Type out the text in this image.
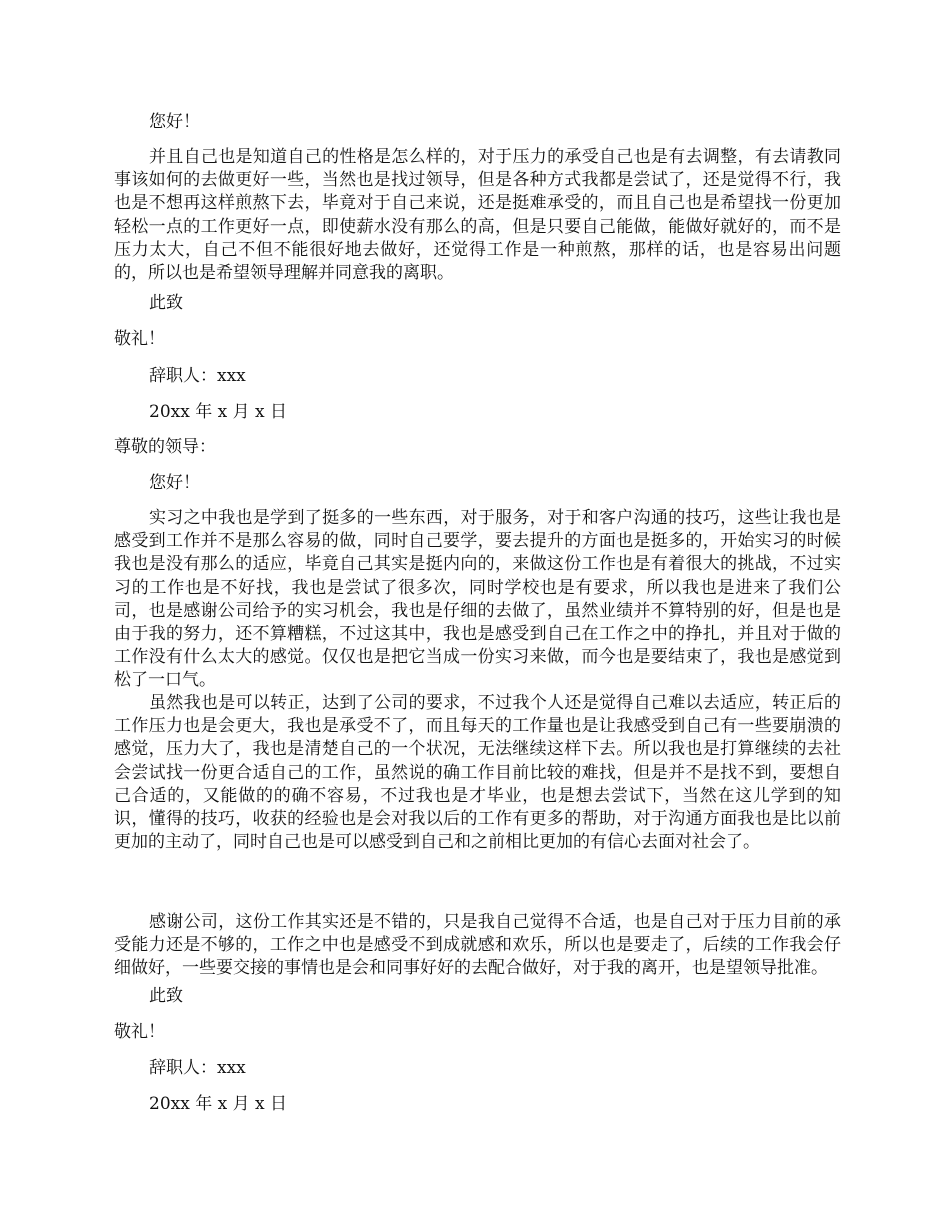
您好！

并且自己也是知道自己的性格是怎么样的，对于压力的承受自己也是有去调整，有去请教同事该如何的去做更好一些，当然也是找过领导，但是各种方式我都是尝试了，还是觉得不行，我也是不想再这样煎熬下去，毕竟对于自己来说，还是挺难承受的，而且自己也是希望找一份更加轻松一点的工作更好一点，即使薪水没有那么的高，但是只要自己能做，能做好就好的，而不是压力太大，自己不但不能很好地去做好，还觉得工作是一种煎熬，那样的话，也是容易出问题的，所以也是希望领导理解并同意我的离职。

此致

敬礼！

辞职人：xxx

20xx 年 x 月 x 日

尊敬的领导：

您好！

实习之中我也是学到了挺多的一些东西，对于服务，对于和客户沟通的技巧，这些让我也是感受到工作并不是那么容易的做，同时自己要学，要去提升的方面也是挺多的，开始实习的时候我也是没有那么的适应，毕竟自己其实是挺内向的，来做这份工作也是有着很大的挑战，不过实习的工作也是不好找，我也是尝试了很多次，同时学校也是有要求，所以我也是进来了我们公司，也是感谢公司给予的实习机会，我也是仔细的去做了，虽然业绩并不算特别的好，但是也是由于我的努力，还不算糟糕，不过这其中，我也是感受到自己在工作之中的挣扎，并且对于做的工作没有什么太大的感觉。仅仅也是把它当成一份实习来做，而今也是要结束了，我也是感觉到松了一口气。

虽然我也是可以转正，达到了公司的要求，不过我个人还是觉得自己难以去适应，转正后的工作压力也是会更大，我也是承受不了，而且每天的工作量也是让我感受到自己有一些要崩溃的感觉，压力大了，我也是清楚自己的一个状况，无法继续这样下去。所以我也是打算继续的去社会尝试找一份更合适自己的工作，虽然说的确工作目前比较的难找，但是并不是找不到，要想自己合适的，又能做的的确不容易，不过我也是才毕业，也是想去尝试下，当然在这儿学到的知识，懂得的技巧，收获的经验也是会对我以后的工作有更多的帮助，对于沟通方面我也是比以前更加的主动了，同时自己也是可以感受到自己和之前相比更加的有信心去面对社会了。

感谢公司，这份工作其实还是不错的，只是我自己觉得不合适，也是自己对于压力目前的承受能力还是不够的，工作之中也是感受不到成就感和欢乐，所以也是要走了，后续的工作我会仔细做好，一些要交接的事情也是会和同事好好的去配合做好，对于我的离开，也是望领导批准。

此致

敬礼！

辞职人：xxx

20xx 年 x 月 x 日
